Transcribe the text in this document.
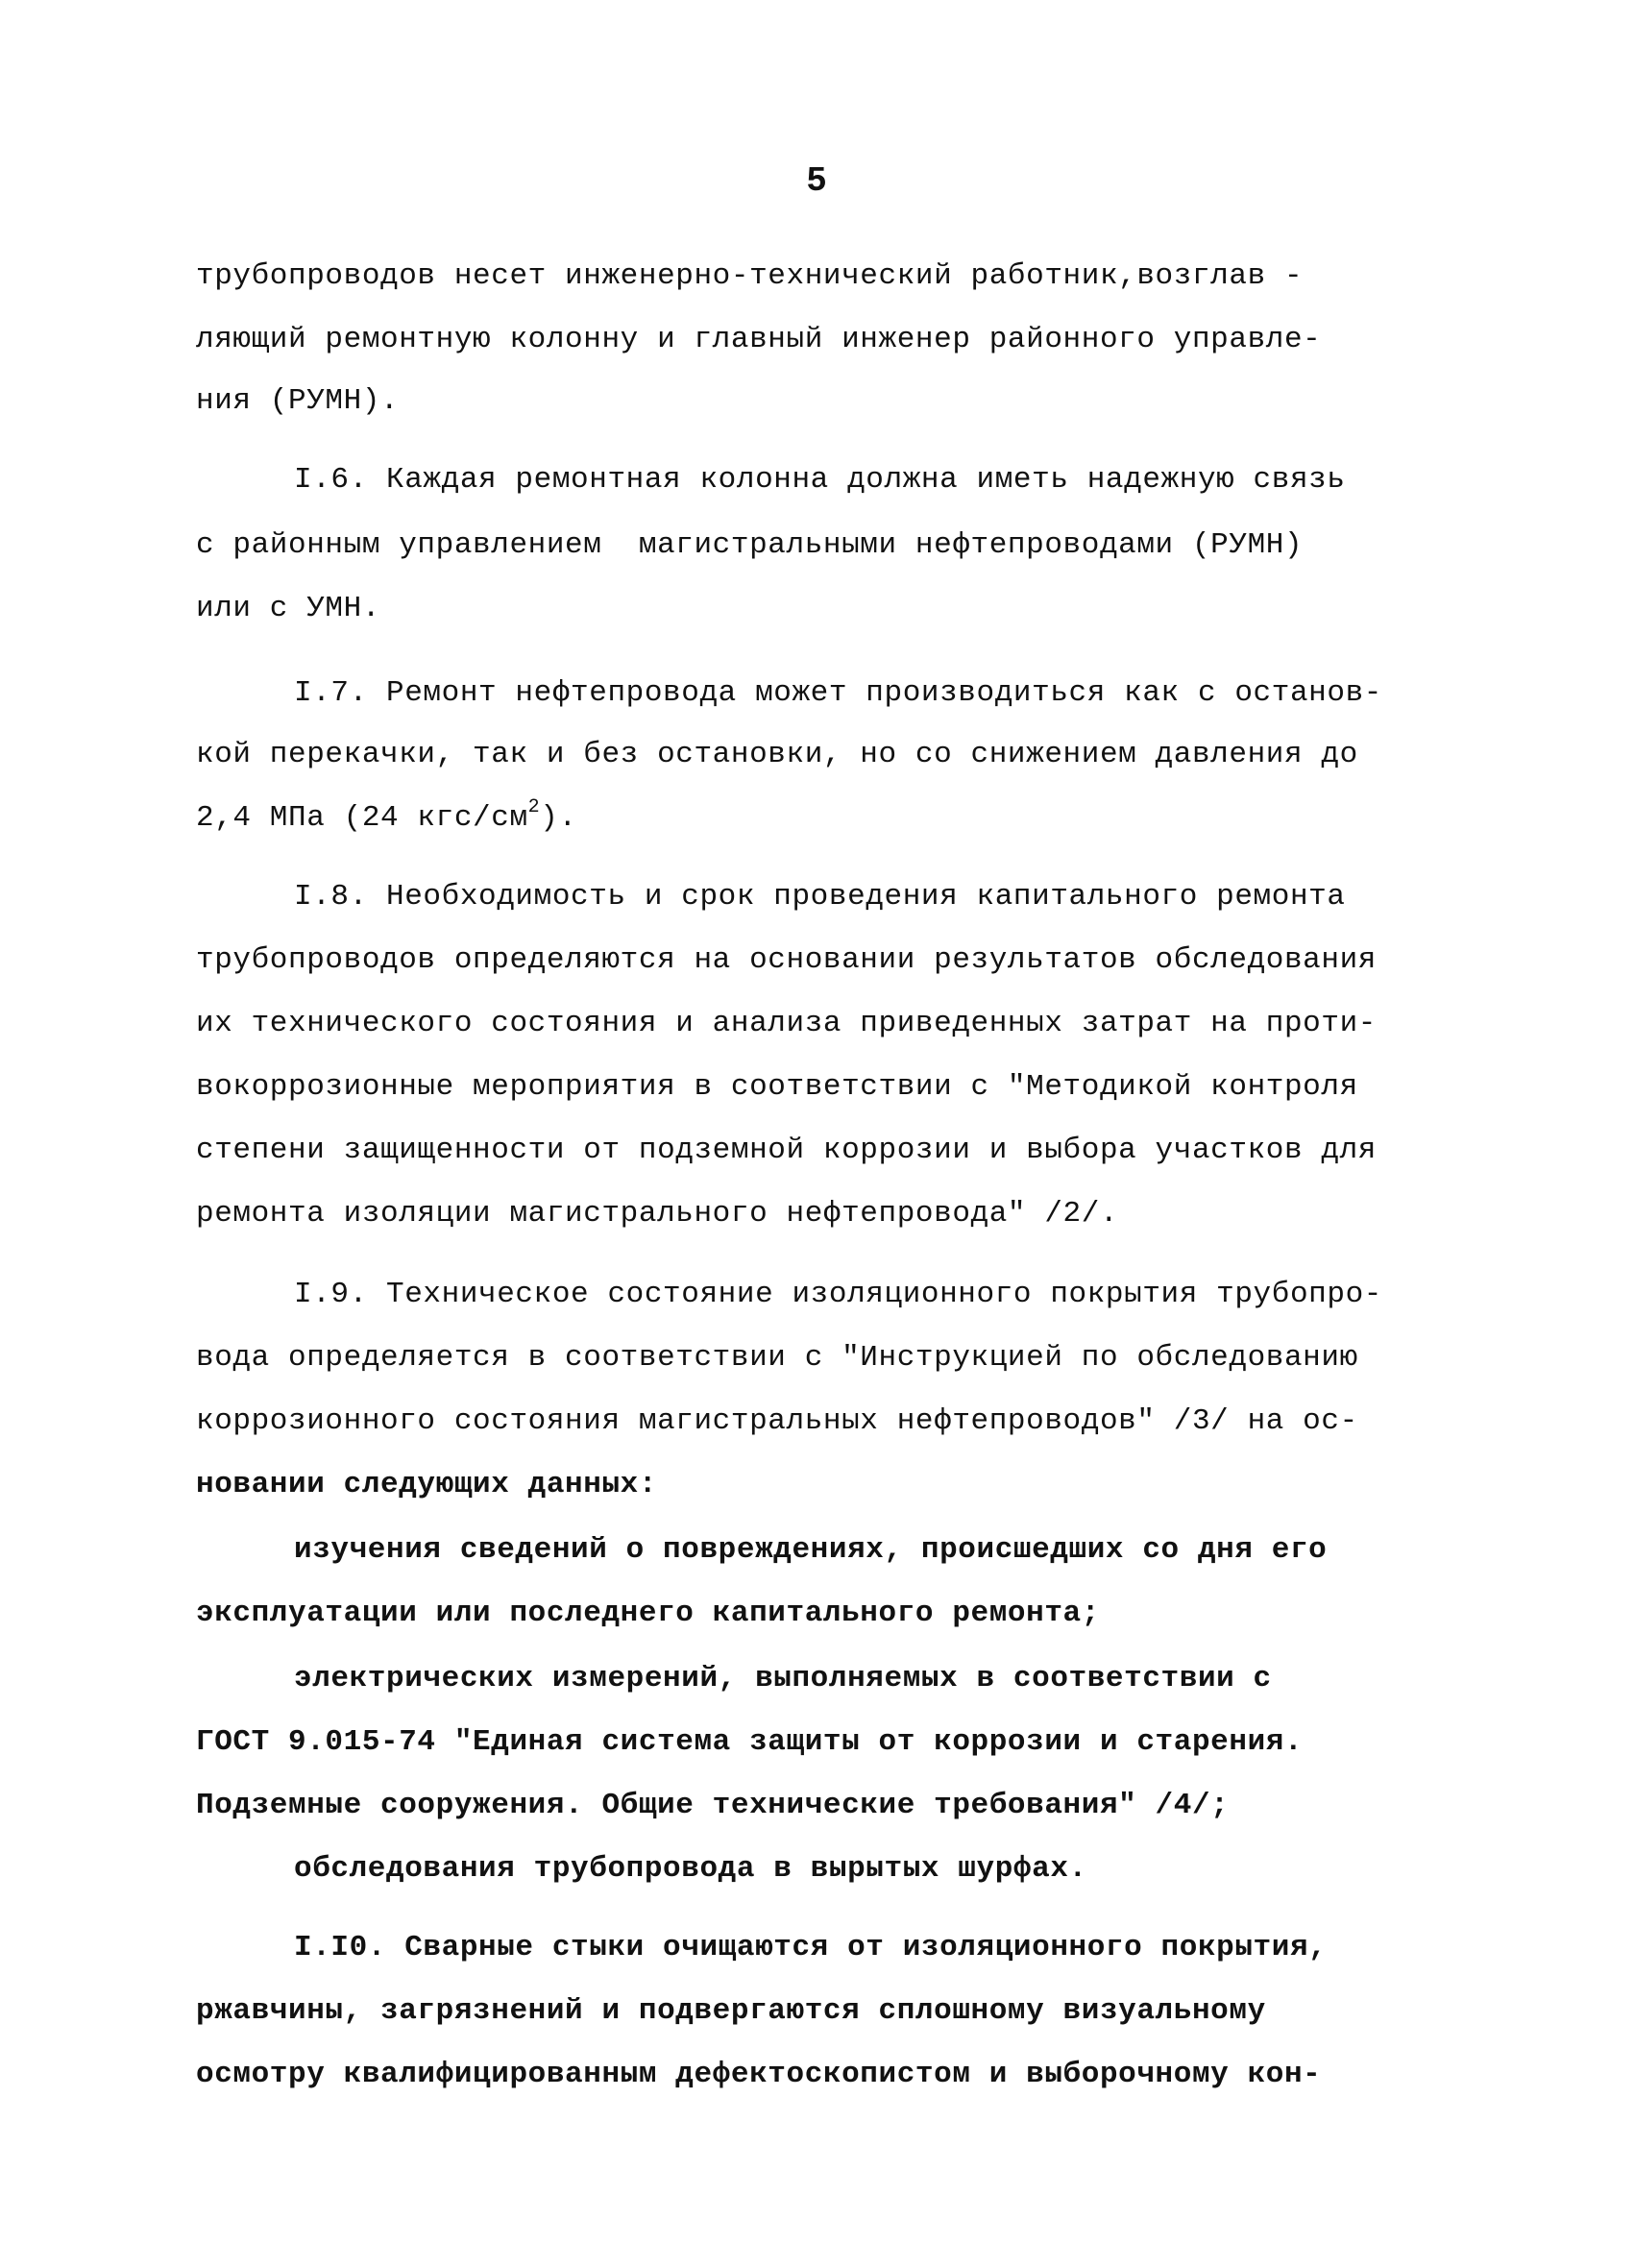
5
трубопроводов несет инженерно-технический работник,возглав -
ляющий ремонтную колонну и главный инженер районного управле-
ния (РУМН).
I.6. Каждая ремонтная колонна должна иметь надежную связь
с районным управлением  магистральными нефтепроводами (РУМН)
или с УМН.
I.7. Ремонт нефтепровода может производиться как с останов-
кой перекачки, так и без остановки, но со снижением давления до
2,4 МПа (24 кгс/$см^2$).
I.8. Необходимость и срок проведения капитального ремонта
трубопроводов определяются на основании результатов обследования
их технического состояния и анализа приведенных затрат на проти-
вокоррозионные мероприятия в соответствии с "Методикой контроля
степени защищенности от подземной коррозии и выбора участков для
ремонта изоляции магистрального нефтепровода" /2/.
I.9. Техническое состояние изоляционного покрытия трубопро-
вода определяется в соответствии с "Инструкцией по обследованию
коррозионного состояния магистральных нефтепроводов" /3/ на ос-
новании следующих данных:
изучения сведений о повреждениях, происшедших со дня его
эксплуатации или последнего капитального ремонта;
электрических измерений, выполняемых в соответствии с
ГОСТ 9.015-74 "Единая система защиты от коррозии и старения.
Подземные сооружения. Общие технические требования" /4/;
обследования трубопровода в вырытых шурфах.
I.I0. Сварные стыки очищаются от изоляционного покрытия,
ржавчины, загрязнений и подвергаются сплошному визуальному
осмотру квалифицированным дефектоскопистом и выборочному кон-
